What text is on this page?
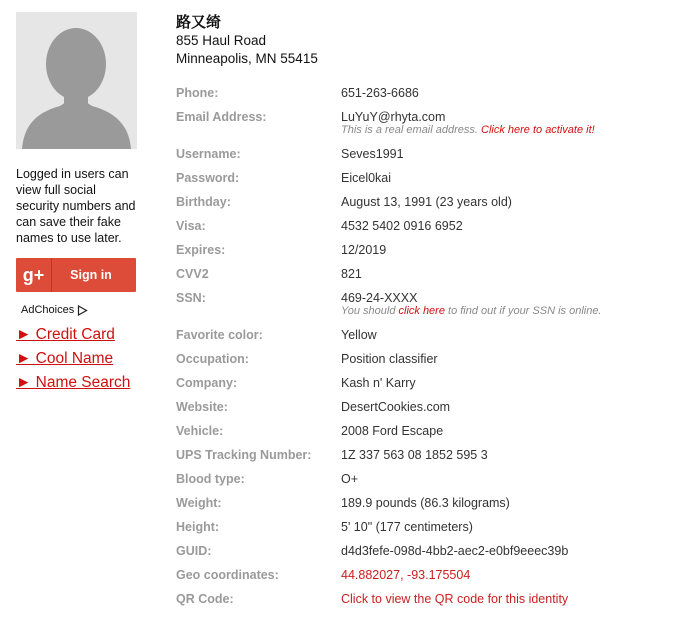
Logged in users can view full social security numbers and can save their fake names to use later.
g+	Sign in
AdChoices
► Credit Card
► Cool Name
► Name Search
路又绮
855 Haul Road
Minneapolis, MN 55415
Phone:	651-263-6686
Email Address:	LuYuY@rhyta.com
This is a real email address. Click here to activate it!
Username:	Seves1991
Password:	Eicel0kai
Birthday:	August 13, 1991 (23 years old)
Visa:	4532 5402 0916 6952
Expires:	12/2019
CVV2	821
SSN:	469-24-XXXX
You should click here to find out if your SSN is online.
Favorite color:	Yellow
Occupation:	Position classifier
Company:	Kash n' Karry
Website:	DesertCookies.com
Vehicle:	2008 Ford Escape
UPS Tracking Number: 1Z 337 563 08 1852 595 3
Blood type:	O+
Weight:	189.9 pounds (86.3 kilograms)
Height:	5' 10" (177 centimeters)
GUID:	d4d3fefe-098d-4bb2-aec2-e0bf9eeec39b
Geo coordinates:	44.882027, -93.175504
QR Code:	Click to view the QR code for this identity
